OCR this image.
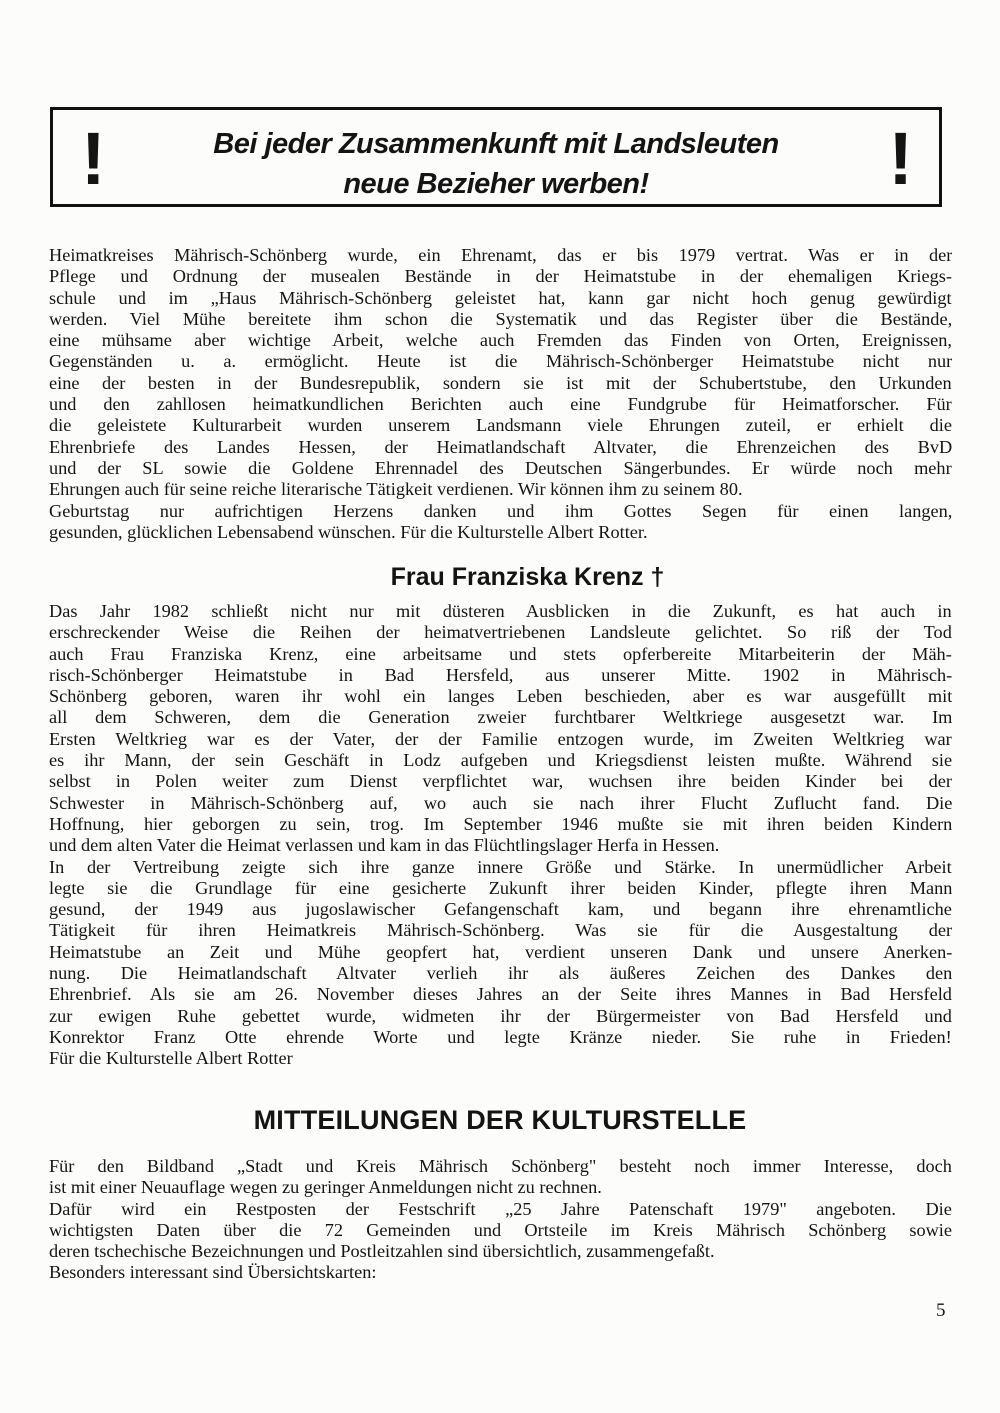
!	Bei jeder Zusammenkunft mit Landsleuten
neue Bezieher werben!	!
Heimatkreises Mährisch-Schönberg wurde, ein Ehrenamt, das er bis 1979 vertrat. Was er in der
Pflege und Ordnung der musealen Bestände in der Heimatstube in der ehemaligen Kriegs-
schule und im „Haus Mährisch-Schönberg geleistet hat, kann gar nicht hoch genug gewürdigt
werden. Viel Mühe bereitete ihm schon die Systematik und das Register über die Bestände,
eine mühsame aber wichtige Arbeit, welche auch Fremden das Finden von Orten, Ereignissen,
Gegenständen u. a. ermöglicht. Heute ist die Mährisch-Schönberger Heimatstube nicht nur
eine der besten in der Bundesrepublik, sondern sie ist mit der Schubertstube, den Urkunden
und den zahllosen heimatkundlichen Berichten auch eine Fundgrube für Heimatforscher. Für
die geleistete Kulturarbeit wurden unserem Landsmann viele Ehrungen zuteil, er erhielt die
Ehrenbriefe des Landes Hessen, der Heimatlandschaft Altvater, die Ehrenzeichen des BvD
und der SL sowie die Goldene Ehrennadel des Deutschen Sängerbundes. Er würde noch mehr
Ehrungen auch für seine reiche literarische Tätigkeit verdienen. Wir können ihm zu seinem 80.
Geburtstag nur aufrichtigen Herzens danken und ihm Gottes Segen für einen langen,
gesunden, glücklichen Lebensabend wünschen. Für die Kulturstelle Albert Rotter.
Frau Franziska Krenz †
Das Jahr 1982 schließt nicht nur mit düsteren Ausblicken in die Zukunft, es hat auch in
erschreckender Weise die Reihen der heimatvertriebenen Landsleute gelichtet. So riß der Tod
auch Frau Franziska Krenz, eine arbeitsame und stets opferbereite Mitarbeiterin der Mäh-
risch-Schönberger Heimatstube in Bad Hersfeld, aus unserer Mitte. 1902 in Mährisch-
Schönberg geboren, waren ihr wohl ein langes Leben beschieden, aber es war ausgefüllt mit
all dem Schweren, dem die Generation zweier furchtbarer Weltkriege ausgesetzt war. Im
Ersten Weltkrieg war es der Vater, der der Familie entzogen wurde, im Zweiten Weltkrieg war
es ihr Mann, der sein Geschäft in Lodz aufgeben und Kriegsdienst leisten mußte. Während sie
selbst in Polen weiter zum Dienst verpflichtet war, wuchsen ihre beiden Kinder bei der
Schwester in Mährisch-Schönberg auf, wo auch sie nach ihrer Flucht Zuflucht fand. Die
Hoffnung, hier geborgen zu sein, trog. Im September 1946 mußte sie mit ihren beiden Kindern
und dem alten Vater die Heimat verlassen und kam in das Flüchtlingslager Herfa in Hessen.
In der Vertreibung zeigte sich ihre ganze innere Größe und Stärke. In unermüdlicher Arbeit
legte sie die Grundlage für eine gesicherte Zukunft ihrer beiden Kinder, pflegte ihren Mann
gesund, der 1949 aus jugoslawischer Gefangenschaft kam, und begann ihre ehrenamtliche
Tätigkeit für ihren Heimatkreis Mährisch-Schönberg. Was sie für die Ausgestaltung der
Heimatstube an Zeit und Mühe geopfert hat, verdient unseren Dank und unsere Anerken-
nung. Die Heimatlandschaft Altvater verlieh ihr als äußeres Zeichen des Dankes den
Ehrenbrief. Als sie am 26. November dieses Jahres an der Seite ihres Mannes in Bad Hersfeld
zur ewigen Ruhe gebettet wurde, widmeten ihr der Bürgermeister von Bad Hersfeld und
Konrektor Franz Otte ehrende Worte und legte Kränze nieder. Sie ruhe in Frieden!
Für die Kulturstelle Albert Rotter
MITTEILUNGEN DER KULTURSTELLE
Für den Bildband „Stadt und Kreis Mährisch Schönberg" besteht noch immer Interesse, doch
ist mit einer Neuauflage wegen zu geringer Anmeldungen nicht zu rechnen.
Dafür wird ein Restposten der Festschrift „25 Jahre Patenschaft 1979" angeboten. Die
wichtigsten Daten über die 72 Gemeinden und Ortsteile im Kreis Mährisch Schönberg sowie
deren tschechische Bezeichnungen und Postleitzahlen sind übersichtlich, zusammengefaßt.
Besonders interessant sind Übersichtskarten:
5
